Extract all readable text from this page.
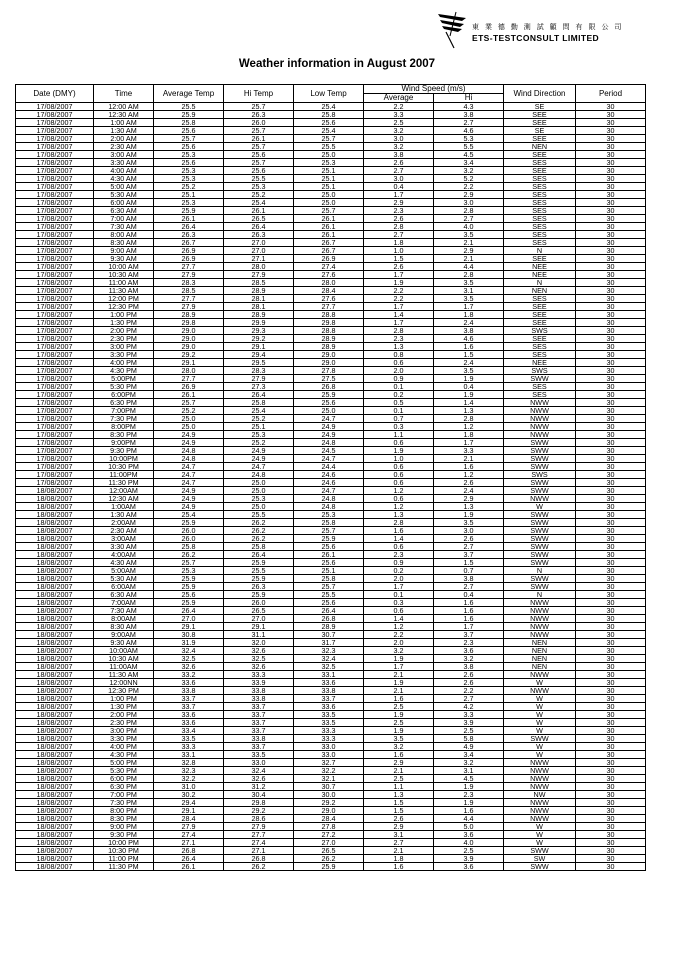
東 業 德 勤 測 試 顧 問 有 限 公 司
ETS-TESTCONSULT LIMITED
Weather information in August 2007
Date (DMY)	Time	Average Temp	Hi Temp	Low Temp	Wind Speed (m/s)		Wind Direction	Period
					Average	Hi		
17/08/2007	12:00 AM	25.5	25.7	25.4	2.2	4.3	SE	30
17/08/2007	12:30 AM	25.9	26.3	25.8	3.3	3.8	SEE	30
17/08/2007	1:00 AM	25.8	26.0	25.6	2.5	2.7	SEE	30
17/08/2007	1:30 AM	25.6	25.7	25.4	3.2	4.6	SE	30
17/08/2007	2:00 AM	25.7	26.1	25.7	3.0	5.3	SEE	30
17/08/2007	2:30 AM	25.6	25.7	25.5	3.2	5.5	NEN	30
17/08/2007	3:00 AM	25.3	25.6	25.0	3.8	4.5	SEE	30
17/08/2007	3:30 AM	25.6	25.7	25.3	2.6	3.4	SES	30
17/08/2007	4:00 AM	25.3	25.6	25.1	2.7	3.2	SEE	30
17/08/2007	4:30 AM	25.3	25.5	25.1	3.0	5.2	SES	30
17/08/2007	5:00 AM	25.2	25.3	25.1	0.4	2.2	SES	30
17/08/2007	5:30 AM	25.1	25.2	25.0	1.7	2.9	SES	30
17/08/2007	6:00 AM	25.3	25.4	25.0	2.9	3.0	SES	30
17/08/2007	6:30 AM	25.9	26.1	25.7	2.3	2.8	SES	30
17/08/2007	7:00 AM	26.1	26.5	26.1	2.6	2.7	SES	30
17/08/2007	7:30 AM	26.4	26.4	26.1	2.8	4.0	SES	30
17/08/2007	8:00 AM	26.3	26.3	26.1	2.7	3.5	SES	30
17/08/2007	8:30 AM	26.7	27.0	26.7	1.8	2.1	SES	30
17/08/2007	9:00 AM	26.9	27.0	26.7	1.0	2.9	N	30
17/08/2007	9:30 AM	26.9	27.1	26.9	1.5	2.1	SEE	30
17/08/2007	10:00 AM	27.7	28.0	27.4	2.6	4.4	NEE	30
17/08/2007	10:30 AM	27.9	27.9	27.6	1.7	2.8	NEE	30
17/08/2007	11:00 AM	28.3	28.5	28.0	1.9	3.5	N	30
17/08/2007	11:30 AM	28.5	28.9	28.4	2.2	3.1	NEN	30
17/08/2007	12:00 PM	27.7	28.1	27.6	2.2	3.5	SES	30
17/08/2007	12:30 PM	27.9	28.1	27.7	1.7	1.7	SEE	30
17/08/2007	1:00 PM	28.9	28.9	28.8	1.4	1.8	SEE	30
17/08/2007	1:30 PM	29.8	29.9	29.8	1.7	2.4	SEE	30
17/08/2007	2:00 PM	29.0	29.3	28.8	2.8	3.8	SWS	30
17/08/2007	2:30 PM	29.0	29.2	28.9	2.3	4.6	SEE	30
17/08/2007	3:00 PM	29.0	29.1	28.9	1.3	1.6	SES	30
17/08/2007	3:30 PM	29.2	29.4	29.0	0.8	1.5	SES	30
17/08/2007	4:00 PM	29.1	29.5	29.0	0.6	2.4	NEE	30
17/08/2007	4:30 PM	28.0	28.3	27.8	2.0	3.5	SWS	30
17/08/2007	5:00PM	27.7	27.9	27.5	0.9	1.9	SWW	30
17/08/2007	5:30 PM	26.9	27.3	26.8	0.1	0.4	SES	30
17/08/2007	6:00PM	26.1	26.4	25.9	0.2	1.9	SES	30
17/08/2007	6:30 PM	25.7	25.8	25.6	0.5	1.4	NWW	30
17/08/2007	7:00PM	25.2	25.4	25.0	0.1	1.3	NWW	30
17/08/2007	7:30 PM	25.0	25.2	24.7	0.7	2.8	NWW	30
17/08/2007	8:00PM	25.0	25.1	24.9	0.3	1.2	NWW	30
17/08/2007	8:30 PM	24.9	25.3	24.9	1.1	1.8	NWW	30
17/08/2007	9:00PM	24.9	25.2	24.8	0.6	1.7	SWW	30
17/08/2007	9:30 PM	24.8	24.9	24.5	1.9	3.3	SWW	30
17/08/2007	10:00PM	24.8	24.9	24.7	1.0	2.1	SWW	30
17/08/2007	10:30 PM	24.7	24.7	24.4	0.6	1.6	SWW	30
17/08/2007	11:00PM	24.7	24.8	24.6	0.6	1.2	SWS	30
17/08/2007	11:30 PM	24.7	25.0	24.6	0.6	2.6	SWW	30
18/08/2007	12:00AM	24.9	25.0	24.7	1.2	2.4	SWW	30
18/08/2007	12:30 AM	24.9	25.3	24.8	0.6	2.9	NWW	30
18/08/2007	1:00AM	24.9	25.0	24.8	1.2	1.3	W	30
18/08/2007	1:30 AM	25.4	25.5	25.3	1.3	1.9	SWW	30
18/08/2007	2:00AM	25.9	26.2	25.8	2.8	3.5	SWW	30
18/08/2007	2:30 AM	26.0	26.2	25.7	1.6	3.0	SWW	30
18/08/2007	3:00AM	26.0	26.2	25.9	1.4	2.6	SWW	30
18/08/2007	3:30 AM	25.8	25.8	25.6	0.6	2.7	SWW	30
18/08/2007	4:00AM	26.2	26.4	26.1	2.3	3.7	SWW	30
18/08/2007	4:30 AM	25.7	25.9	25.6	0.9	1.5	SWW	30
18/08/2007	5:00AM	25.3	25.5	25.1	0.2	0.7	N	30
18/08/2007	5:30 AM	25.9	25.9	25.8	2.0	3.8	SWW	30
18/08/2007	6:00AM	25.9	26.3	25.7	1.7	2.7	SWW	30
18/08/2007	6:30 AM	25.6	25.9	25.5	0.1	0.4	N	30
18/08/2007	7:00AM	25.9	26.0	25.6	0.3	1.6	NWW	30
18/08/2007	7:30 AM	26.4	26.5	26.4	0.6	1.6	NWW	30
18/08/2007	8:00AM	27.0	27.0	26.8	1.4	1.6	NWW	30
18/08/2007	8:30 AM	29.1	29.1	28.9	1.2	1.7	NWW	30
18/08/2007	9:00AM	30.8	31.1	30.7	2.2	3.7	NWW	30
18/08/2007	9:30 AM	31.9	32.0	31.7	2.0	2.3	NEN	30
18/08/2007	10:00AM	32.4	32.6	32.3	3.2	3.6	NEN	30
18/08/2007	10:30 AM	32.5	32.5	32.4	1.9	3.2	NEN	30
18/08/2007	11:00AM	32.6	32.6	32.5	1.7	3.8	NEN	30
18/08/2007	11:30 AM	33.2	33.3	33.1	2.1	2.6	NWW	30
18/08/2007	12:00NN	33.6	33.9	33.6	1.9	2.6	W	30
18/08/2007	12:30 PM	33.8	33.8	33.8	2.1	2.2	NWW	30
18/08/2007	1:00 PM	33.7	33.8	33.7	1.6	2.7	W	30
18/08/2007	1:30 PM	33.7	33.7	33.6	2.5	4.2	W	30
18/08/2007	2:00 PM	33.6	33.7	33.5	1.9	3.3	W	30
18/08/2007	2:30 PM	33.6	33.7	33.5	2.5	3.9	W	30
18/08/2007	3:00 PM	33.4	33.7	33.3	1.9	2.5	W	30
18/08/2007	3:30 PM	33.5	33.8	33.3	3.5	5.8	SWW	30
18/08/2007	4:00 PM	33.3	33.7	33.0	3.2	4.9	W	30
18/08/2007	4:30 PM	33.1	33.5	33.0	1.6	3.4	W	30
18/08/2007	5:00 PM	32.8	33.0	32.7	2.9	3.2	NWW	30
18/08/2007	5:30 PM	32.3	32.4	32.2	2.1	3.1	NWW	30
18/08/2007	6:00 PM	32.2	32.6	32.1	2.5	4.5	NWW	30
18/08/2007	6:30 PM	31.0	31.2	30.7	1.1	1.9	NWW	30
18/08/2007	7:00 PM	30.2	30.4	30.0	1.3	2.3	NW	30
18/08/2007	7:30 PM	29.4	29.8	29.2	1.5	1.9	NWW	30
18/08/2007	8:00 PM	29.1	29.2	29.0	1.5	1.6	NWW	30
18/08/2007	8:30 PM	28.4	28.6	28.4	2.6	4.4	NWW	30
18/08/2007	9:00 PM	27.9	27.9	27.8	2.9	5.0	W	30
18/08/2007	9:30 PM	27.4	27.7	27.2	3.1	3.6	W	30
18/08/2007	10:00 PM	27.1	27.4	27.0	2.7	4.0	W	30
18/08/2007	10:30 PM	26.8	27.1	26.5	2.1	2.5	SWW	30
18/08/2007	11:00 PM	26.4	26.8	26.2	1.8	3.9	SW	30
18/08/2007	11:30 PM	26.1	26.2	25.9	1.6	3.6	SWW	30
